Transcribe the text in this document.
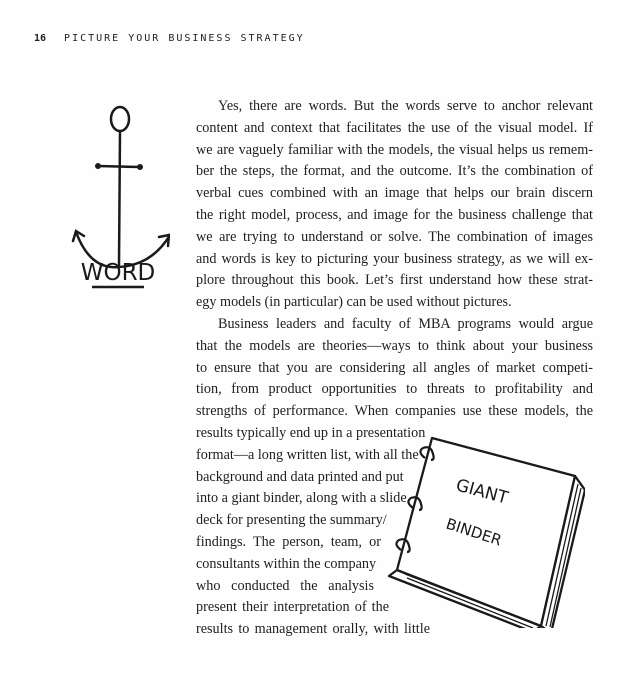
16 PICTURE YOUR BUSINESS STRATEGY
WORD
Yes, there are words. But the words serve to anchor relevant
content and context that facilitates the use of the visual model. If
we are vaguely familiar with the models, the visual helps us remem-
ber the steps, the format, and the outcome. It’s the combination of
verbal cues combined with an image that helps our brain discern
the right model, process, and image for the business challenge that
we are trying to understand or solve. The combination of images
and words is key to picturing your business strategy, as we will ex-
plore throughout this book. Let’s first understand how these strat-
egy models (in particular) can be used without pictures.
Business leaders and faculty of MBA programs would argue
that the models are theories—ways to think about your business
to ensure that you are considering all angles of market competi-
tion, from product opportunities to threats to profitability and
strengths of performance. When companies use these models, the
results typically end up in a presentation
format—a long written list, with all the
background and data printed and put
into a giant binder, along with a slide
deck for presenting the summary/
findings. The person, team, or
consultants within the company
who conducted the analysis
present their interpretation of the
results to management orally, with little
GIANT
BINDER
